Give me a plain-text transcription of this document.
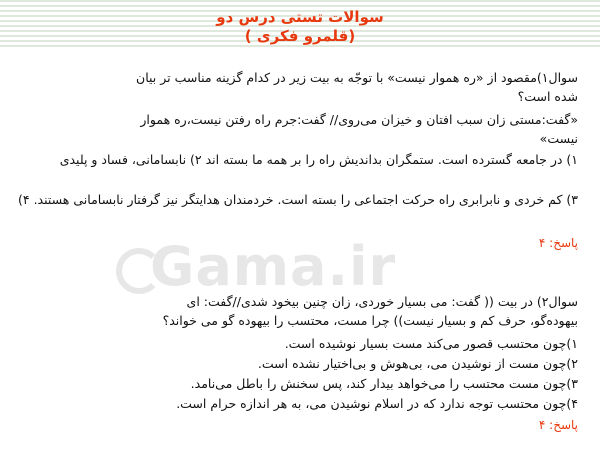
سوالات تستی درس دو
(قلمرو فکری )
سوال۱)مقصود از «ره هموار نیست» با توجّه به بیت زیر در کدام گزینه مناسب تر بیان
شده است؟
«گفت:مستی زان سبب افتان و خیزان می‌روی// گفت:جرم راه رفتن نیست،ره هموار
نیست»
۱) در جامعه گسترده است. ستمگران بداندیش راه را بر همه ما بسته اند ۲) نابسامانی، فساد و پلیدی
۳) کم خردی و نابرابری راه حرکت اجتماعی را بسته است. خردمندان هدایتگر نیز گرفتار نابسامانی هستند. ۴)
پاسخ: ۴
سوال۲) در بیت (( گفت: می بسیار خوردی، زان چنین بیخود شدی//گفت: ای
بیهوده‌گو، حرف کم و بسیار نیست)) چرا مست، محتسب را بیهوده گو می خواند؟
۱)چون محتسب قصور می‌کند مست بسیار نوشیده است.
۲)چون مست از نوشیدن می، بی‌هوش و بی‌اختیار نشده است.
۳)چون مست محتسب را می‌خواهد بیدار کند، پس سخنش را باطل می‌نامد.
۴)چون محتسب توجه ندارد که در اسلام نوشیدن می، به هر اندازه حرام است.
پاسخ: ۴
Gama.ir
